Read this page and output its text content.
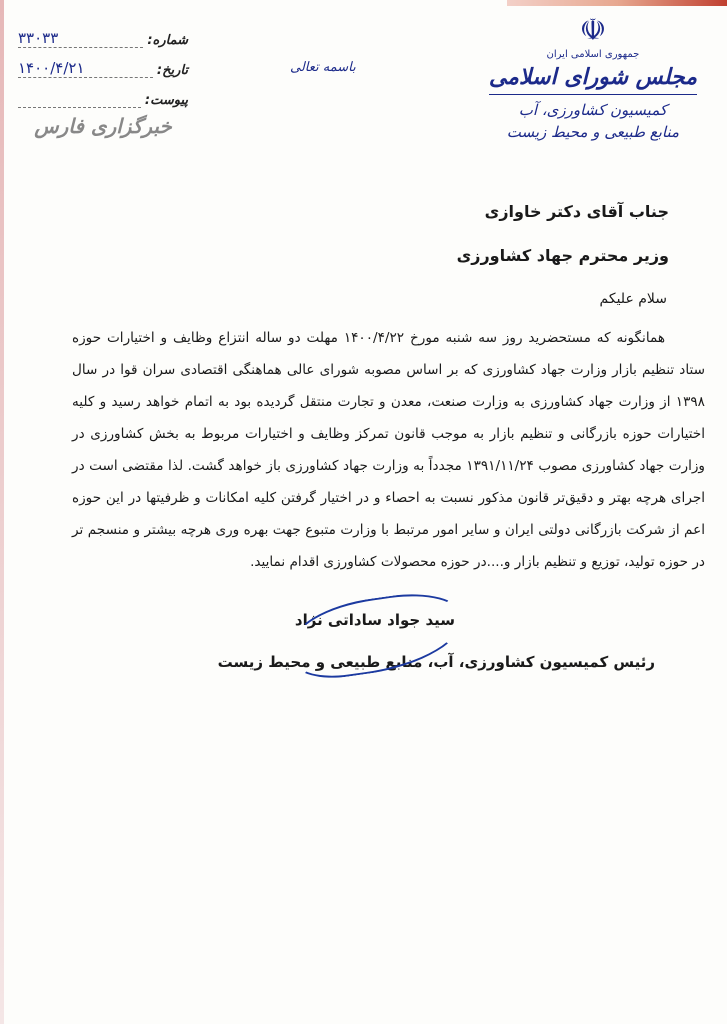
☫
جمهوری اسلامی ایران
مجلس شورای اسلامی
کمیسیون کشاورزی، آب
منابع طبیعی و محیط زیست
باسمه تعالی
شماره:
۳۳۰۳۳
تاریخ:
۱۴۰۰/۴/۲۱
پیوست:
خبرگزاری فارس
جناب آقای دکتر خاوازی
وزیر محترم جهاد کشاورزی
سلام علیکم
همانگونه که مستحضرید روز سه شنبه مورخ ۱۴۰۰/۴/۲۲ مهلت دو ساله انتزاع وظایف و اختیارات حوزه ستاد تنظیم بازار وزارت جهاد کشاورزی که بر اساس مصوبه شورای عالی هماهنگی اقتصادی سران قوا در سال ۱۳۹۸ از وزارت جهاد کشاورزی به وزارت صنعت، معدن و تجارت منتقل گردیده بود به اتمام خواهد رسید و کلیه اختیارات حوزه بازرگانی و تنظیم بازار به موجب قانون تمرکز وظایف و اختیارات مربوط به بخش کشاورزی در وزارت جهاد کشاورزی مصوب ۱۳۹۱/۱۱/۲۴ مجدداً به وزارت جهاد کشاورزی باز خواهد گشت. لذا مقتضی است در اجرای هرچه بهتر و دقیق‌تر قانون مذکور نسبت به احصاء و در اختیار گرفتن کلیه امکانات و ظرفیتها در این حوزه اعم از شرکت بازرگانی دولتی ایران و سایر امور مرتبط با وزارت متبوع جهت بهره وری هرچه بیشتر و منسجم تر در حوزه تولید، توزیع و تنظیم بازار و....در حوزه محصولات کشاورزی اقدام نمایید.
سید جواد ساداتی نژاد
رئیس کمیسیون کشاورزی، آب، منابع طبیعی و محیط زیست
